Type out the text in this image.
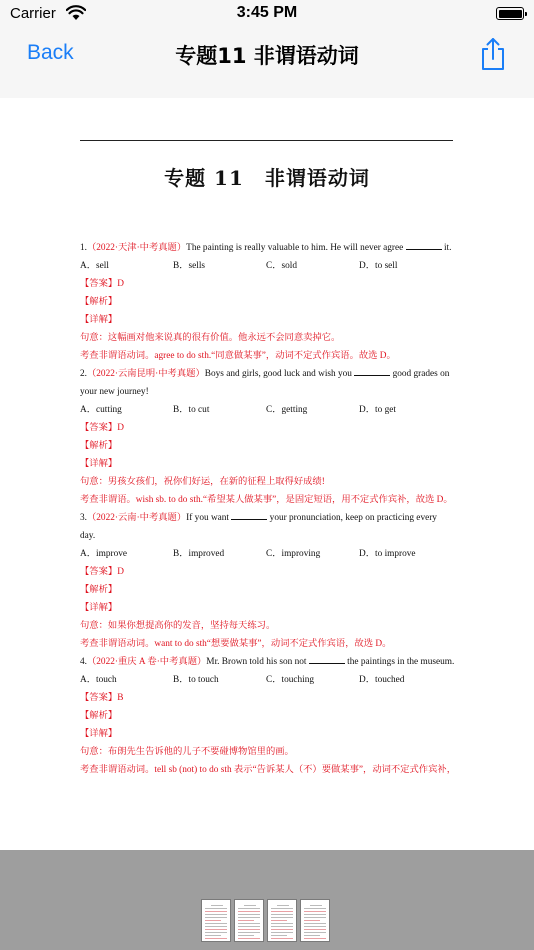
Carrier	3:45 PM
Back	专题11 非谓语动词
专题 11　非谓语动词
1.（2022·天津·中考真题）The painting is really valuable to him. He will never agree	it.
A．sell	B．sells	C．sold	D．to sell
【答案】D
【解析】
【详解】
句意：这幅画对他来说真的很有价值。他永远不会同意卖掉它。
考查非谓语动词。agree to do sth.“同意做某事”，动词不定式作宾语。故选 D。
2.（2022·云南昆明·中考真题）Boys and girls, good luck and wish you	good grades on
your new journey!
A．cutting	B．to cut	C．getting	D．to get
【答案】D
【解析】
【详解】
句意：男孩女孩们，祝你们好运，在新的征程上取得好成绩!
考查非谓语。wish sb. to do sth.“希望某人做某事”，是固定短语，用不定式作宾补，故选 D。
3.（2022·云南·中考真题）If you want	your pronunciation, keep on practicing every
day.
A．improve	B．improved	C．improving	D．to improve
【答案】D
【解析】
【详解】
句意：如果你想提高你的发音，坚持每天练习。
考查非谓语动词。want to do sth“想要做某事”，动词不定式作宾语，故选 D。
4.（2022·重庆 A 卷·中考真题）Mr. Brown told his son not	the paintings in the museum.
A．touch	B．to touch	C．touching	D．touched
【答案】B
【解析】
【详解】
句意：布朗先生告诉他的儿子不要碰博物馆里的画。
考查非谓语动词。tell sb (not) to do sth 表示“告诉某人（不）要做某事”，动词不定式作宾补，
